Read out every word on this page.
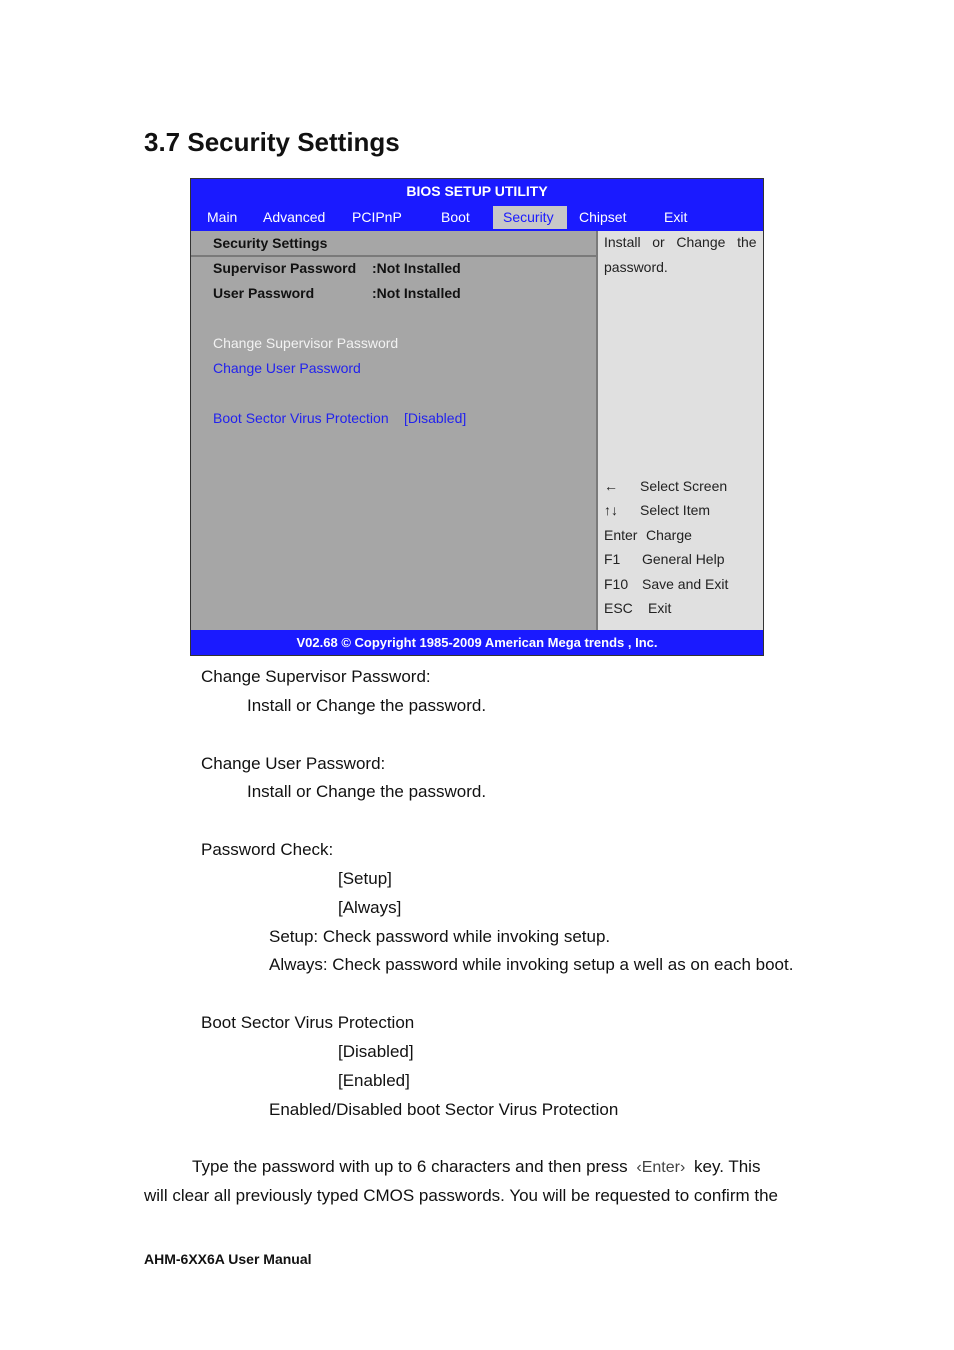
3.7 Security Settings
BIOS SETUP UTILITY
Main	Advanced	PCIPnP	Boot	Security	Chipset	Exit
Security Settings
Supervisor Password :Not Installed
User Password	:Not Installed
Change Supervisor Password
Change User Password
Boot Sector Virus Protection [Disabled]
Install   or   Change   the
password.
← Select Screen
↑↓ Select Item
Enter Charge
F1 General Help
F10 Save and Exit
ESC Exit
V02.68 © Copyright 1985-2009 American Mega trends , Inc.
Change Supervisor Password:
Install or Change the password.
Change User Password:
Install or Change the password.
Password Check:
[Setup]
[Always]
Setup: Check password while invoking setup.
Always: Check password while invoking setup a well as on each boot.
Boot Sector Virus Protection
[Disabled]
[Enabled]
Enabled/Disabled boot Sector Virus Protection
Type the password with up to 6 characters and then press ‹Enter› key. This
will clear all previously typed CMOS passwords. You will be requested to confirm the
AHM-6XX6A User Manual
